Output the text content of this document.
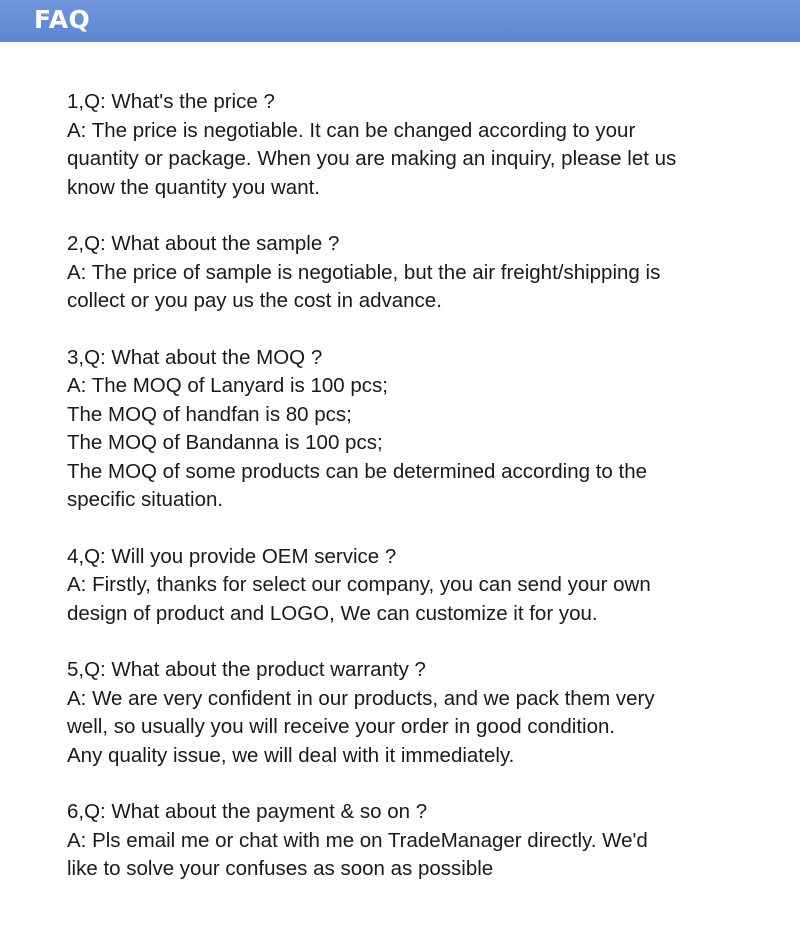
FAQ
1,Q: What's the price ?
A: The price is negotiable. It can be changed according to your
quantity or package. When you are making an inquiry, please let us
know the quantity you want.
2,Q: What about the sample ?
A: The price of sample is negotiable, but the air freight/shipping is
collect or you pay us the cost in advance.
3,Q: What about the MOQ ?
A: The MOQ of Lanyard is 100 pcs;
The MOQ of handfan is 80 pcs;
The MOQ of Bandanna is 100 pcs;
The MOQ of some products can be determined according to the
specific situation.
4,Q: Will you provide OEM service ?
A: Firstly, thanks for select our company, you can send your own
design of product and LOGO, We can customize it for you.
5,Q: What about the product warranty ?
A: We are very confident in our products, and we pack them very
well, so usually you will receive your order in good condition.
Any quality issue, we will deal with it immediately.
6,Q: What about the payment & so on ?
A: Pls email me or chat with me on TradeManager directly. We'd
like to solve your confuses as soon as possible
